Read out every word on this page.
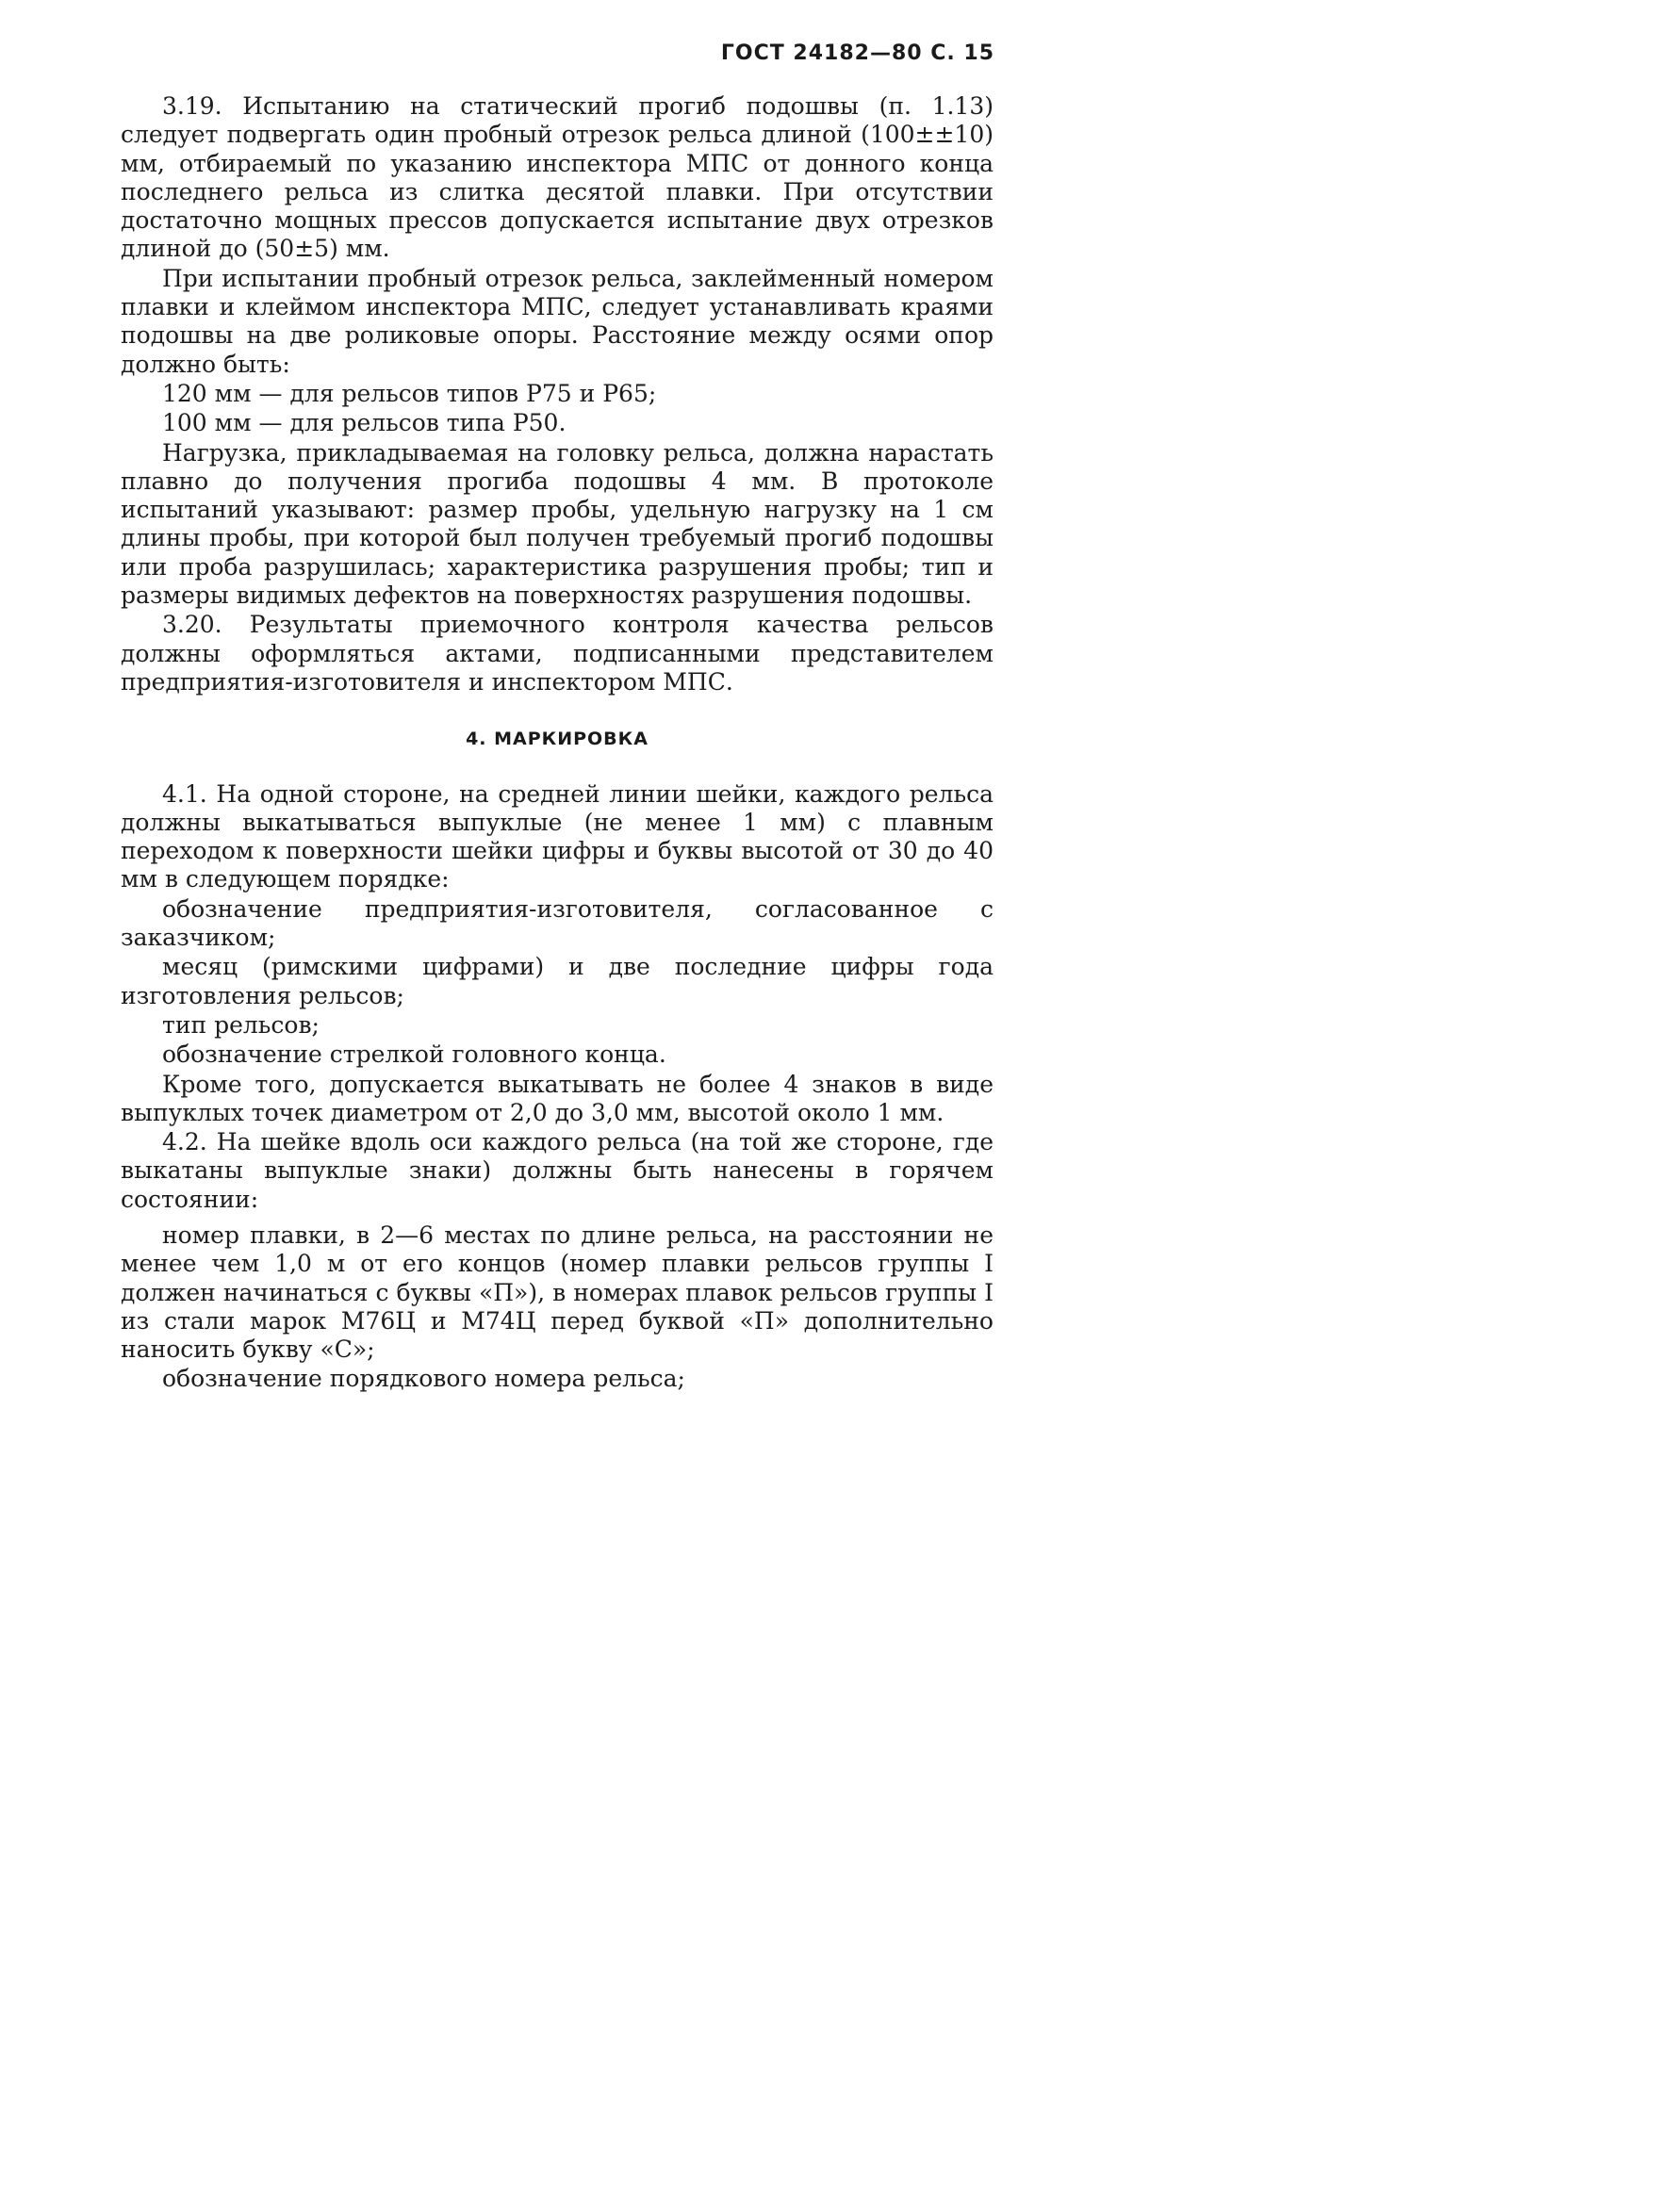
ГОСТ 24182—80 С. 15

3.19. Испытанию на статический прогиб подошвы (п. 1.13) следует подвергать один пробный отрезок рельса длиной (100±±10) мм, отбираемый по указанию инспектора МПС от донного конца последнего рельса из слитка десятой плавки. При отсутствии достаточно мощных прессов допускается испытание двух отрезков длиной до (50±5) мм.

При испытании пробный отрезок рельса, заклейменный номером плавки и клеймом инспектора МПС, следует устанавливать краями подошвы на две роликовые опоры. Расстояние между осями опор должно быть:

120 мм — для рельсов типов Р75 и Р65;

100 мм — для рельсов типа Р50.

Нагрузка, прикладываемая на головку рельса, должна нарастать плавно до получения прогиба подошвы 4 мм. В протоколе испытаний указывают: размер пробы, удельную нагрузку на 1 см длины пробы, при которой был получен требуемый прогиб подошвы или проба разрушилась; характеристика разрушения пробы; тип и размеры видимых дефектов на поверхностях разрушения подошвы.

3.20. Результаты приемочного контроля качества рельсов должны оформляться актами, подписанными представителем предприятия-изготовителя и инспектором МПС.

4. МАРКИРОВКА

4.1. На одной стороне, на средней линии шейки, каждого рельса должны выкатываться выпуклые (не менее 1 мм) с плавным переходом к поверхности шейки цифры и буквы высотой от 30 до 40 мм в следующем порядке:

обозначение предприятия-изготовителя, согласованное с заказчиком;

месяц (римскими цифрами) и две последние цифры года изготовления рельсов;

тип рельсов;

обозначение стрелкой головного конца.

Кроме того, допускается выкатывать не более 4 знаков в виде выпуклых точек диаметром от 2,0 до 3,0 мм, высотой около 1 мм.

4.2. На шейке вдоль оси каждого рельса (на той же стороне, где выкатаны выпуклые знаки) должны быть нанесены в горячем состоянии:

номер плавки, в 2—6 местах по длине рельса, на расстоянии не менее чем 1,0 м от его концов (номер плавки рельсов группы I должен начинаться с буквы «П»), в номерах плавок рельсов группы I из стали марок М76Ц и М74Ц перед буквой «П» дополнительно наносить букву «С»;

обозначение порядкового номера рельса;
